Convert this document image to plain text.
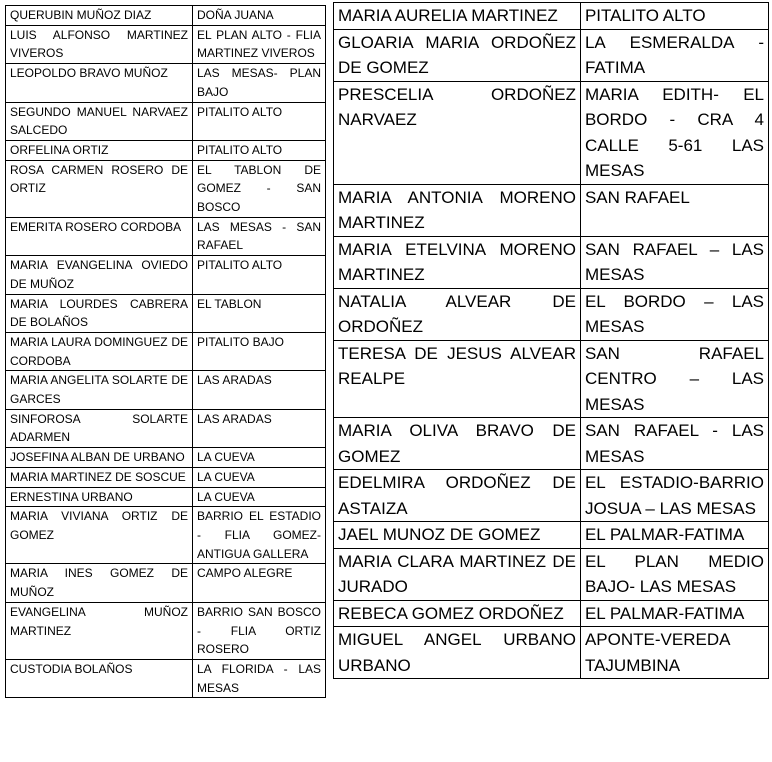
QUERUBIN MUÑOZ DIAZ	DOÑA JUANA
LUIS ALFONSO MARTINEZ VIVEROS	EL PLAN ALTO - FLIA MARTINEZ VIVEROS
LEOPOLDO BRAVO MUÑOZ	LAS MESAS- PLAN BAJO
SEGUNDO MANUEL NARVAEZ SALCEDO	PITALITO ALTO
ORFELINA ORTIZ	PITALITO ALTO
ROSA CARMEN ROSERO DE ORTIZ	EL TABLON DE GOMEZ - SAN BOSCO
EMERITA ROSERO CORDOBA	LAS MESAS - SAN RAFAEL
MARIA EVANGELINA OVIEDO DE MUÑOZ	PITALITO ALTO
MARIA LOURDES CABRERA DE BOLAÑOS	EL TABLON
MARIA LAURA DOMINGUEZ DE CORDOBA	PITALITO BAJO
MARIA ANGELITA SOLARTE DE GARCES	LAS ARADAS
SINFOROSA SOLARTE ADARMEN	LAS ARADAS
JOSEFINA ALBAN DE URBANO	LA CUEVA
MARIA MARTINEZ DE SOSCUE	LA CUEVA
ERNESTINA URBANO	LA CUEVA
MARIA VIVIANA ORTIZ DE GOMEZ	BARRIO EL ESTADIO - FLIA GOMEZ-ANTIGUA GALLERA
MARIA INES GOMEZ DE MUÑOZ	CAMPO ALEGRE
EVANGELINA MUÑOZ MARTINEZ	BARRIO SAN BOSCO - FLIA ORTIZ ROSERO
CUSTODIA BOLAÑOS	LA FLORIDA - LAS MESAS
MARIA AURELIA MARTINEZ	PITALITO ALTO
GLOARIA MARIA ORDOÑEZ DE GOMEZ	LA ESMERALDA - FATIMA
PRESCELIA ORDOÑEZ NARVAEZ	MARIA EDITH- EL BORDO - CRA 4 CALLE 5-61 LAS MESAS
MARIA ANTONIA MORENO MARTINEZ	SAN RAFAEL
MARIA ETELVINA MORENO MARTINEZ	SAN RAFAEL – LAS MESAS
NATALIA ALVEAR DE ORDOÑEZ	EL BORDO – LAS MESAS
TERESA DE JESUS ALVEAR REALPE	SAN RAFAEL CENTRO – LAS MESAS
MARIA OLIVA BRAVO DE GOMEZ	SAN RAFAEL - LAS MESAS
EDELMIRA ORDOÑEZ DE ASTAIZA	EL ESTADIO-BARRIO JOSUA – LAS MESAS
JAEL MUNOZ DE GOMEZ	EL PALMAR-FATIMA
MARIA CLARA MARTINEZ DE JURADO	EL PLAN MEDIO BAJO- LAS MESAS
REBECA GOMEZ ORDOÑEZ	EL PALMAR-FATIMA
MIGUEL ANGEL URBANO URBANO	APONTE-VEREDA TAJUMBINA
